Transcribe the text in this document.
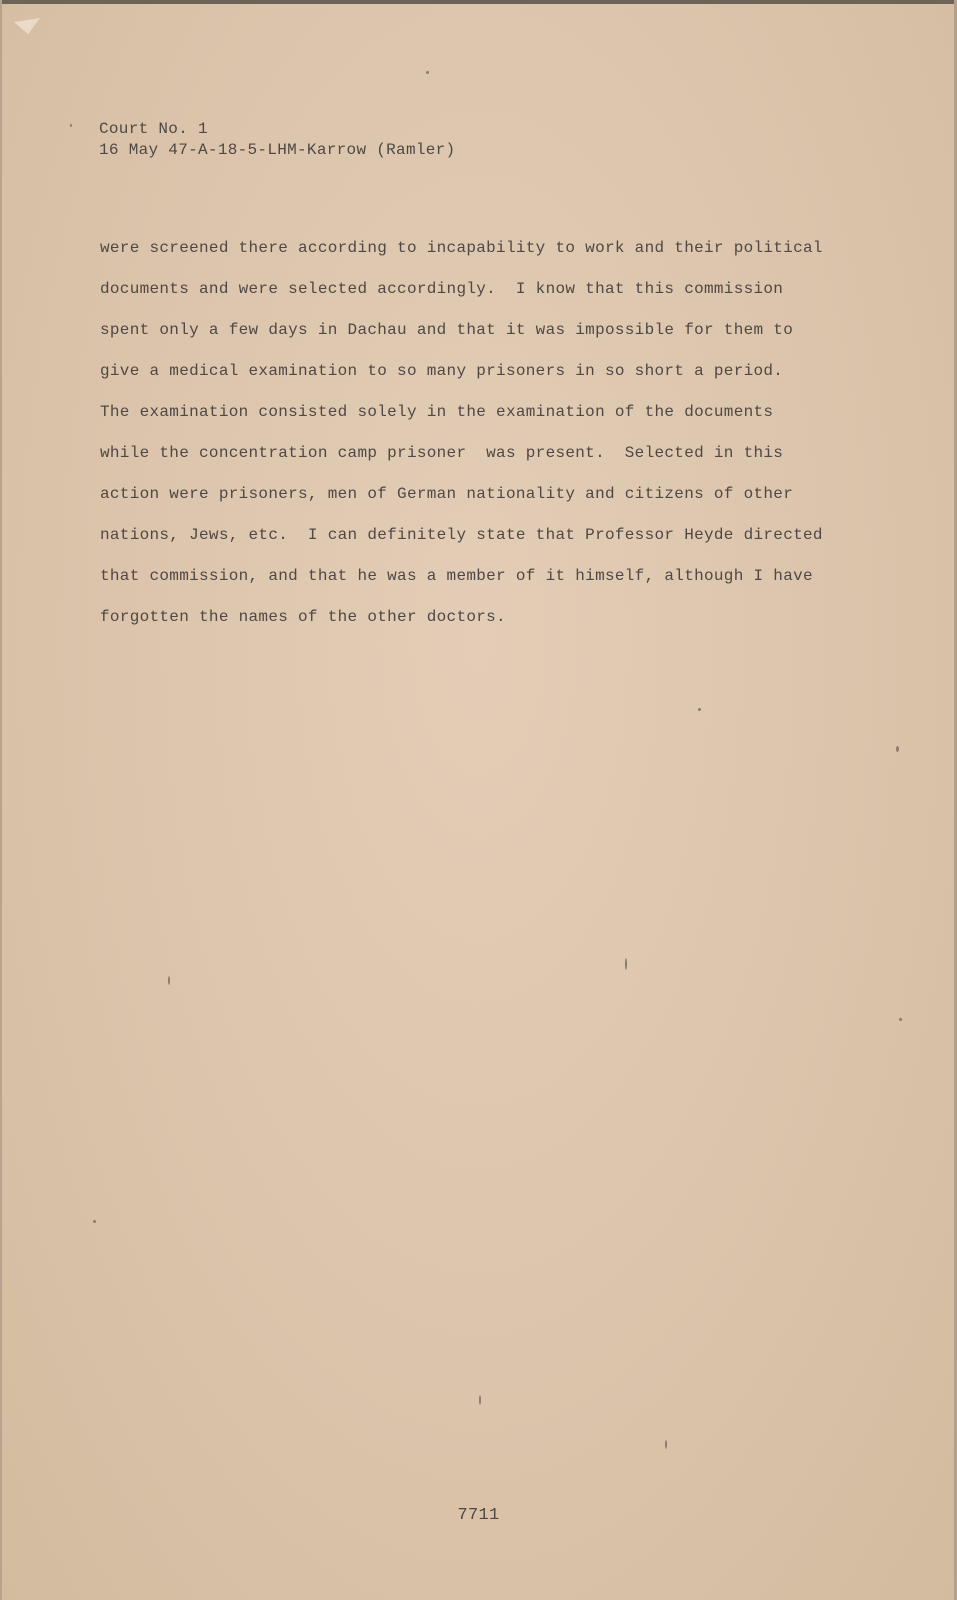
Court No. 1
16 May 47-A-18-5-LHM-Karrow (Ramler)
were screened there according to incapability to work and their political
documents and were selected accordingly.  I know that this commission
spent only a few days in Dachau and that it was impossible for them to
give a medical examination to so many prisoners in so short a period.
The examination consisted solely in the examination of the documents
while the concentration camp prisoner  was present.  Selected in this
action were prisoners, men of German nationality and citizens of other
nations, Jews, etc.  I can definitely state that Professor Heyde directed
that commission, and that he was a member of it himself, although I have
forgotten the names of the other doctors.
7711
